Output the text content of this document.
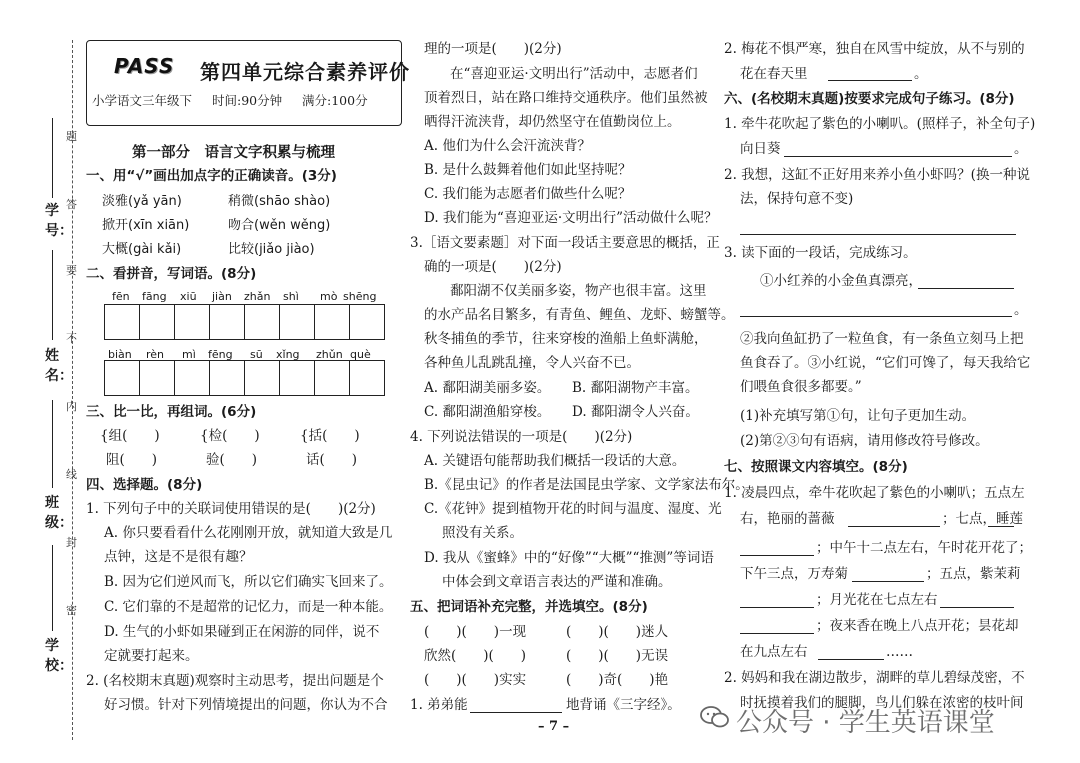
学号：
姓名：
班级：
学校：
题
答
要
不
内
线
封
密
PASS 第四单元综合素养评价
小学语文三年级下 时间:90分钟 满分:100分
第一部分　语言文字积累与梳理
一、用“√”画出加点字的正确读音。(3分)
淡雅(yǎ yān)	稍微(shāo shào)
掀开(xīn xiān)	吻合(wěn wěng)
大概(gài kǎi)	比较(jiǎo jiào)
二、看拼音，写词语。(8分)
fēn fāng xiū jiàn zhǎn shì mò shēng

biàn rèn mì fēng sū xǐng zhǔn què

三、比一比，再组词。(6分)
{组(　　)	{检(　　)	{括(　　)
阻(　　)	验(　　)	话(　　)
四、选择题。(8分)
1. 下列句子中的关联词使用错误的是(　　)(2分)
A. 你只要看看什么花刚刚开放，就知道大致是几
点钟，这是不是很有趣？
B. 因为它们逆风而飞，所以它们确实飞回来了。
C. 它们靠的不是超常的记忆力，而是一种本能。
D. 生气的小虾如果碰到正在闲游的同伴，说不
定就要打起来。
2. (名校期末真题)观察时主动思考，提出问题是个
好习惯。针对下列情境提出的问题，你认为不合
理的一项是(　　)(2分)
在“喜迎亚运·文明出行”活动中，志愿者们
顶着烈日，站在路口维持交通秩序。他们虽然被
晒得汗流浃背，却仍然坚守在值勤岗位上。
A. 他们为什么会汗流浃背？
B. 是什么鼓舞着他们如此坚持呢？
C. 我们能为志愿者们做些什么呢？
D. 我们能为“喜迎亚运·文明出行”活动做什么呢？
3.［语文要素题］对下面一段话主要意思的概括，正
确的一项是(　　)(2分)
鄱阳湖不仅美丽多姿，物产也很丰富。这里
的水产品名目繁多，有青鱼、鲤鱼、龙虾、螃蟹等。
秋冬捕鱼的季节，往来穿梭的渔船上鱼虾满舱，
各种鱼儿乱跳乱撞，令人兴奋不已。
A. 鄱阳湖美丽多姿。 B. 鄱阳湖物产丰富。
C. 鄱阳湖渔船穿梭。 D. 鄱阳湖令人兴奋。
4. 下列说法错误的一项是(　　)(2分)
A. 关键语句能帮助我们概括一段话的大意。
B.《昆虫记》的作者是法国昆虫学家、文学家法布尔。
C.《花钟》提到植物开花的时间与温度、湿度、光
照没有关系。
D. 我从《蜜蜂》中的“好像”“大概”“推测”等词语
中体会到文章语言表达的严谨和准确。
五、把词语补充完整，并选填空。(8分)
(　　)(　　)一现	(　　)(　　)迷人
欣然(　　)(　　)	(　　)(　　)无误
(　　)(　　)实实	(　　)奇(　　)艳
1. 弟弟能	地背诵《三字经》。
– 7 –
2. 梅花不惧严寒，独自在风雪中绽放，从不与别的
花在春天里	。
六、(名校期末真题)按要求完成句子练习。(8分)
1. 牵牛花吹起了紫色的小喇叭。(照样子，补全句子)
向日葵	。
2. 我想，这缸不正好用来养小鱼小虾吗？(换一种说
法，保持句意不变)
3. 读下面的一段话，完成练习。
①小红养的小金鱼真漂亮，
。
②我向鱼缸扔了一粒鱼食，有一条鱼立刻马上把
鱼食吞了。③小红说，“它们可馋了，每天我给它
们喂鱼食很多都要。”
(1)补充填写第①句，让句子更加生动。
(2)第②③句有语病，请用修改符号修改。
七、按照课文内容填空。(8分)
1. 凌晨四点，牵牛花吹起了紫色的小喇叭；五点左
右，艳丽的蔷薇	；七点，睡莲
；中午十二点左右，午时花开花了；
下午三点，万寿菊	；五点，紫茉莉
；月光花在七点左右
；夜来香在晚上八点开花；昙花却
在九点左右	……
2. 妈妈和我在湖边散步，湖畔的草儿碧绿茂密，不
时抚摸着我们的腿脚，鸟儿们躲在浓密的枝叶间
公众号 · 学生英语课堂
